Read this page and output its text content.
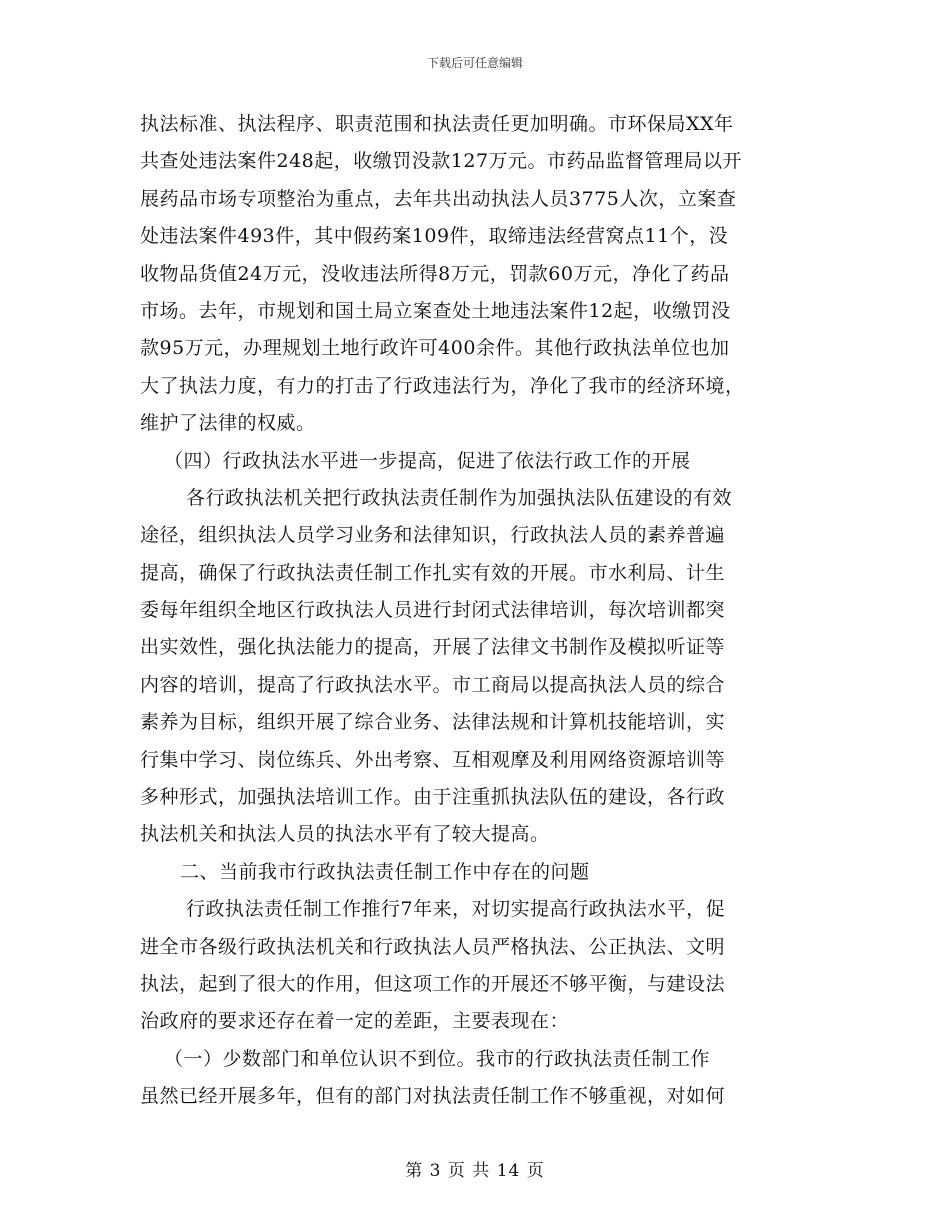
下载后可任意编辑
执法标准、执法程序、职责范围和执法责任更加明确。市环保局XX年
共查处违法案件248起，收缴罚没款127万元。市药品监督管理局以开
展药品市场专项整治为重点，去年共出动执法人员3775人次，立案查
处违法案件493件，其中假药案109件，取缔违法经营窝点11个，没
收物品货值24万元，没收违法所得8万元，罚款60万元，净化了药品
市场。去年，市规划和国土局立案查处土地违法案件12起，收缴罚没
款95万元，办理规划土地行政许可400余件。其他行政执法单位也加
大了执法力度，有力的打击了行政违法行为，净化了我市的经济环境，
维护了法律的权威。
（四）行政执法水平进一步提高，促进了依法行政工作的开展
各行政执法机关把行政执法责任制作为加强执法队伍建设的有效
途径，组织执法人员学习业务和法律知识，行政执法人员的素养普遍
提高，确保了行政执法责任制工作扎实有效的开展。市水利局、计生
委每年组织全地区行政执法人员进行封闭式法律培训，每次培训都突
出实效性，强化执法能力的提高，开展了法律文书制作及模拟听证等
内容的培训，提高了行政执法水平。市工商局以提高执法人员的综合
素养为目标，组织开展了综合业务、法律法规和计算机技能培训，实
行集中学习、岗位练兵、外出考察、互相观摩及利用网络资源培训等
多种形式，加强执法培训工作。由于注重抓执法队伍的建设，各行政
执法机关和执法人员的执法水平有了较大提高。
二、当前我市行政执法责任制工作中存在的问题
行政执法责任制工作推行7年来，对切实提高行政执法水平，促
进全市各级行政执法机关和行政执法人员严格执法、公正执法、文明
执法，起到了很大的作用，但这项工作的开展还不够平衡，与建设法
治政府的要求还存在着一定的差距，主要表现在：
（一）少数部门和单位认识不到位。我市的行政执法责任制工作
虽然已经开展多年，但有的部门对执法责任制工作不够重视，对如何
第 3 页 共 14 页
